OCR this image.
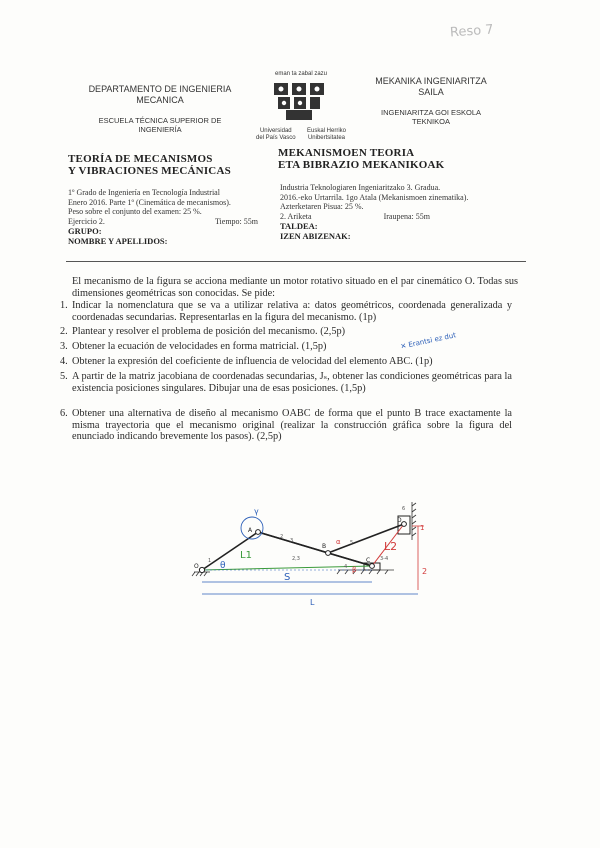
Reso 7
DEPARTAMENTO DE INGENIERIA
MECANICA
ESCUELA TÉCNICA SUPERIOR DE
INGENIERÍA
eman ta zabal zazu
Universidad
del País Vasco
Euskal Herriko
Unibertsitatea
MEKANIKA INGENIARITZA
SAILA
INGENIARITZA GOI ESKOLA
TEKNIKOA
TEORÍA DE MECANISMOS
Y VIBRACIONES MECÁNICAS
MEKANISMOEN TEORIA
ETA BIBRAZIO MEKANIKOAK
1º Grado de Ingeniería en Tecnología Industrial
Enero 2016. Parte 1º (Cinemática de mecanismos).
Peso sobre el conjunto del examen: 25 %.
Ejercicio 2.	Tiempo: 55m
GRUPO:
NOMBRE Y APELLIDOS:
Industria Teknologiaren Ingeniaritzako 3. Gradua.
2016.-eko Urtarrila. 1go Atala (Mekanismoen zinematika).
Azterketaren Pisua: 25 %.
2. Ariketa	Iraupena: 55m
TALDEA:
IZEN ABIZENAK:
El mecanismo de la figura se acciona mediante un motor rotativo situado en el par cinemático O. Todas sus dimensiones geométricas son conocidas. Se pide:
1. Indicar la nomenclatura que se va a utilizar relativa a: datos geométricos, coordenada generalizada y coordenadas secundarias. Representarlas en la figura del mecanismo. (1p)
2. Plantear y resolver el problema de posición del mecanismo. (2,5p)
3. Obtener la ecuación de velocidades en forma matricial. (1,5p)	✕ Erantsi ez dut
4. Obtener la expresión del coeficiente de influencia de velocidad del elemento ABC. (1p)
5. A partir de la matriz jacobiana de coordenadas secundarias, Jₛ, obtener las condiciones geométricas para la existencia posiciones singulares. Dibujar una de esas posiciones. (1,5p)
6. Obtener una alternativa de diseño al mecanismo OABC de forma que el punto B trace exactamente la misma trayectoria que el mecanismo original (realizar la construcción gráfica sobre la figura del enunciado indicando brevemente los pasos). (2,5p)
O
A
B
C
D
L1
L2
S
L
θ
γ
β
α
1
2
1
2
3
4
5
6
3-4
2,3
